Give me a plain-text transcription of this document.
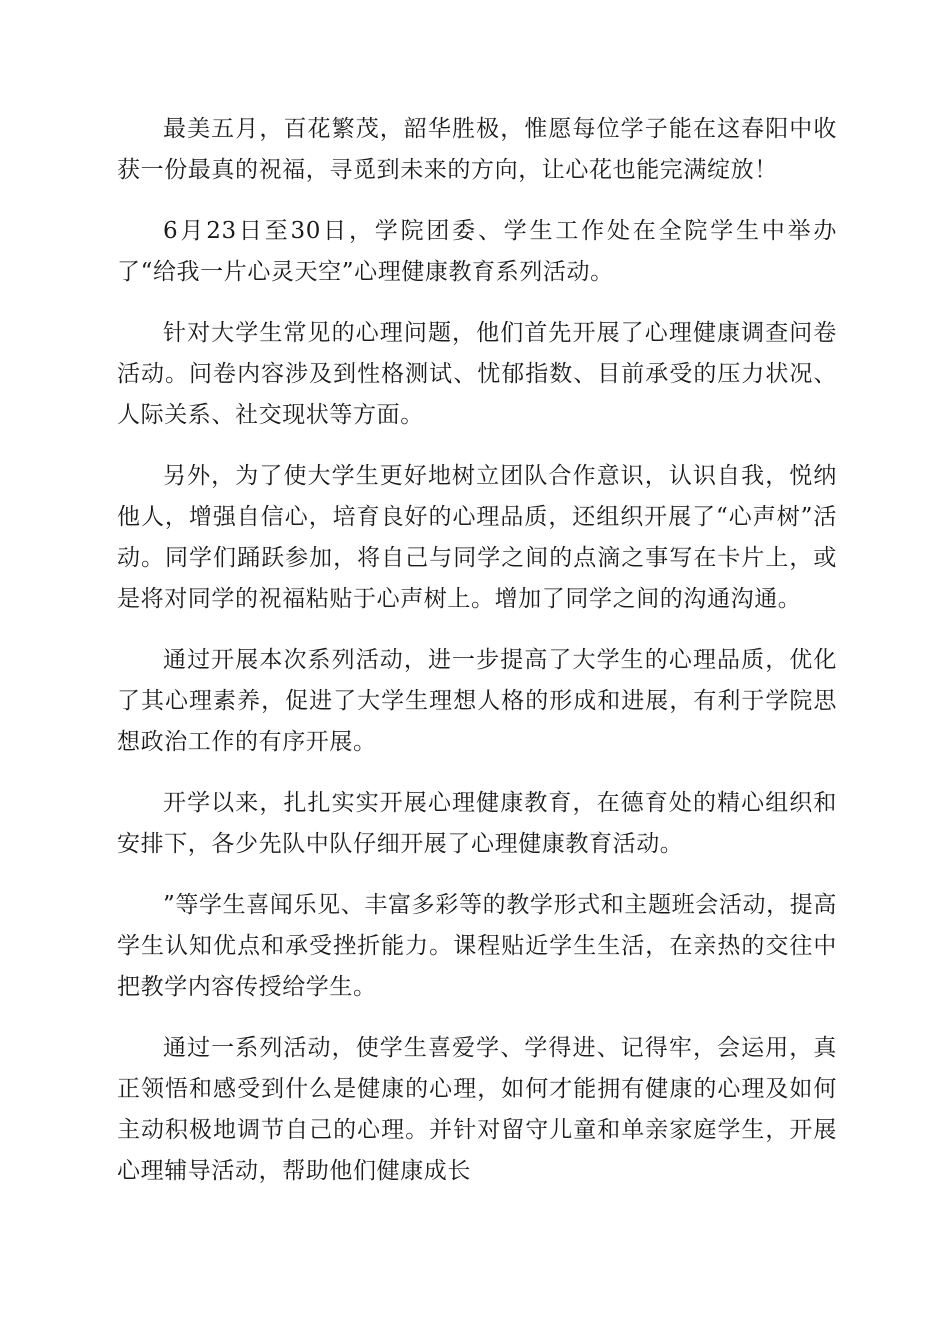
最美五月，百花繁茂，韶华胜极，惟愿每位学子能在这春阳中收获一份最真的祝福，寻觅到未来的方向，让心花也能完满绽放！

6月23日至30日，学院团委、学生工作处在全院学生中举办了“给我一片心灵天空”心理健康教育系列活动。

针对大学生常见的心理问题，他们首先开展了心理健康调查问卷活动。问卷内容涉及到性格测试、忧郁指数、目前承受的压力状况、人际关系、社交现状等方面。

另外，为了使大学生更好地树立团队合作意识，认识自我，悦纳他人，增强自信心，培育良好的心理品质，还组织开展了“心声树”活动。同学们踊跃参加，将自己与同学之间的点滴之事写在卡片上，或是将对同学的祝福粘贴于心声树上。增加了同学之间的沟通沟通。

通过开展本次系列活动，进一步提高了大学生的心理品质，优化了其心理素养，促进了大学生理想人格的形成和进展，有利于学院思想政治工作的有序开展。

开学以来，扎扎实实开展心理健康教育，在德育处的精心组织和安排下，各少先队中队仔细开展了心理健康教育活动。

”等学生喜闻乐见、丰富多彩等的教学形式和主题班会活动，提高学生认知优点和承受挫折能力。课程贴近学生生活，在亲热的交往中把教学内容传授给学生。

通过一系列活动，使学生喜爱学、学得进、记得牢，会运用，真正领悟和感受到什么是健康的心理，如何才能拥有健康的心理及如何主动积极地调节自己的心理。并针对留守儿童和单亲家庭学生，开展心理辅导活动，帮助他们健康成长
